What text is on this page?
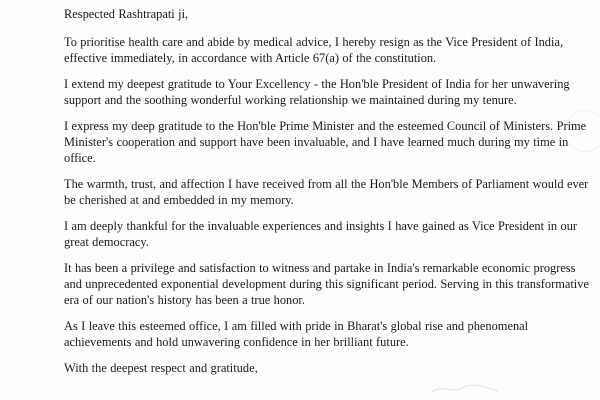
Respected Rashtrapati ji,

To prioritise health care and abide by medical advice, I hereby resign as the Vice President of India, effective immediately, in accordance with Article 67(a) of the constitution.

I extend my deepest gratitude to Your Excellency - the Hon'ble President of India for her unwavering support and the soothing wonderful working relationship we maintained during my tenure.

I express my deep gratitude to the Hon'ble Prime Minister and the esteemed Council of Ministers. Prime Minister's cooperation and support have been invaluable, and I have learned much during my time in office.

The warmth, trust, and affection I have received from all the Hon'ble Members of Parliament would ever be cherished at and embedded in my memory.

I am deeply thankful for the invaluable experiences and insights I have gained as Vice President in our great democracy.

It has been a privilege and satisfaction to witness and partake in India's remarkable economic progress and unprecedented exponential development during this significant period. Serving in this transformative era of our nation's history has been a true honor.

As I leave this esteemed office, I am filled with pride in Bharat's global rise and phenomenal achievements and hold unwavering confidence in her brilliant future.

With the deepest respect and gratitude,
